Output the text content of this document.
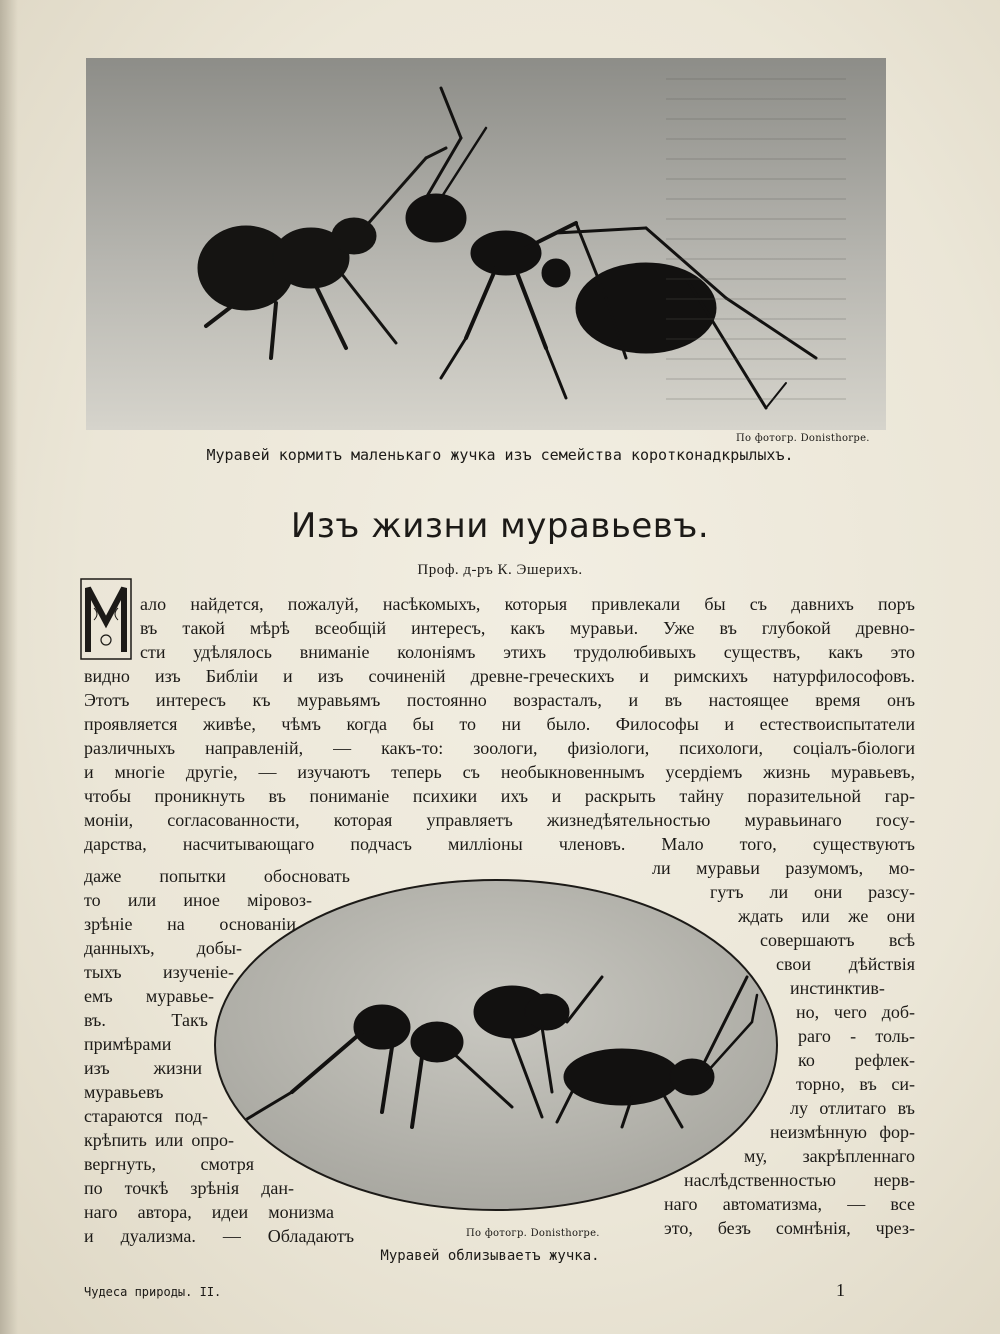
По фотогр. Donisthorpe.
Муравей кормитъ маленькаго жучка изъ семейства коротконадкрылыхъ.
Изъ жизни муравьевъ.
Проф. д-ръ К. Эшерихъ.
ало найдется, пожалуй, насѣкомыхъ, которыя привлекали бы съ давнихъ поръ
въ такой мѣрѣ всеобщій интересъ, какъ муравьи. Уже въ глубокой древно-
сти удѣлялось вниманіе колоніямъ этихъ трудолюбивыхъ существъ, какъ это
видно изъ Библіи и изъ сочиненій древне-греческихъ и римскихъ натурфилософовъ.
Этотъ интересъ къ муравьямъ постоянно возрасталъ, и въ настоящее время онъ
проявляется живѣе, чѣмъ когда бы то ни было. Философы и естествоиспытатели
различныхъ направленій, — какъ-то: зоологи, физіологи, психологи, соціалъ-біологи
и многіе другіе, — изучаютъ теперь съ необыкновеннымъ усердіемъ жизнь муравьевъ,
чтобы проникнуть въ пониманіе психики ихъ и раскрыть тайну поразительной гар-
моніи, согласованности, которая управляетъ жизнедѣятельностью муравьинаго госу-
дарства, насчитывающаго подчасъ милліоны членовъ. Мало того, существуютъ
даже попытки обосновать
то или иное міровоз-
зрѣніе на основаніи
данныхъ, добы-
тыхъ изученіе-
емъ муравье-
въ. Такъ
примѣрами
изъ жизни
муравьевъ
стараются под-
крѣпить или опро-
вергнуть, смотря
по точкѣ зрѣнія дан-
наго автора, идеи монизма
и дуализма. — Обладаютъ
ли муравьи разумомъ, мо-
гутъ ли они разсу-
ждать или же они
совершаютъ всѣ
свои дѣйствія
инстинктив-
но, чего доб-
раго - толь-
ко рефлек-
торно, въ си-
лу отлитаго въ
неизмѣнную фор-
му, закрѣпленнаго
наслѣдственностью нерв-
наго автоматизма, — все
это, безъ сомнѣнія, чрез-
По фотогр. Donisthorpe.
Муравей облизываетъ жучка.
Чудеса природы. II.	1
